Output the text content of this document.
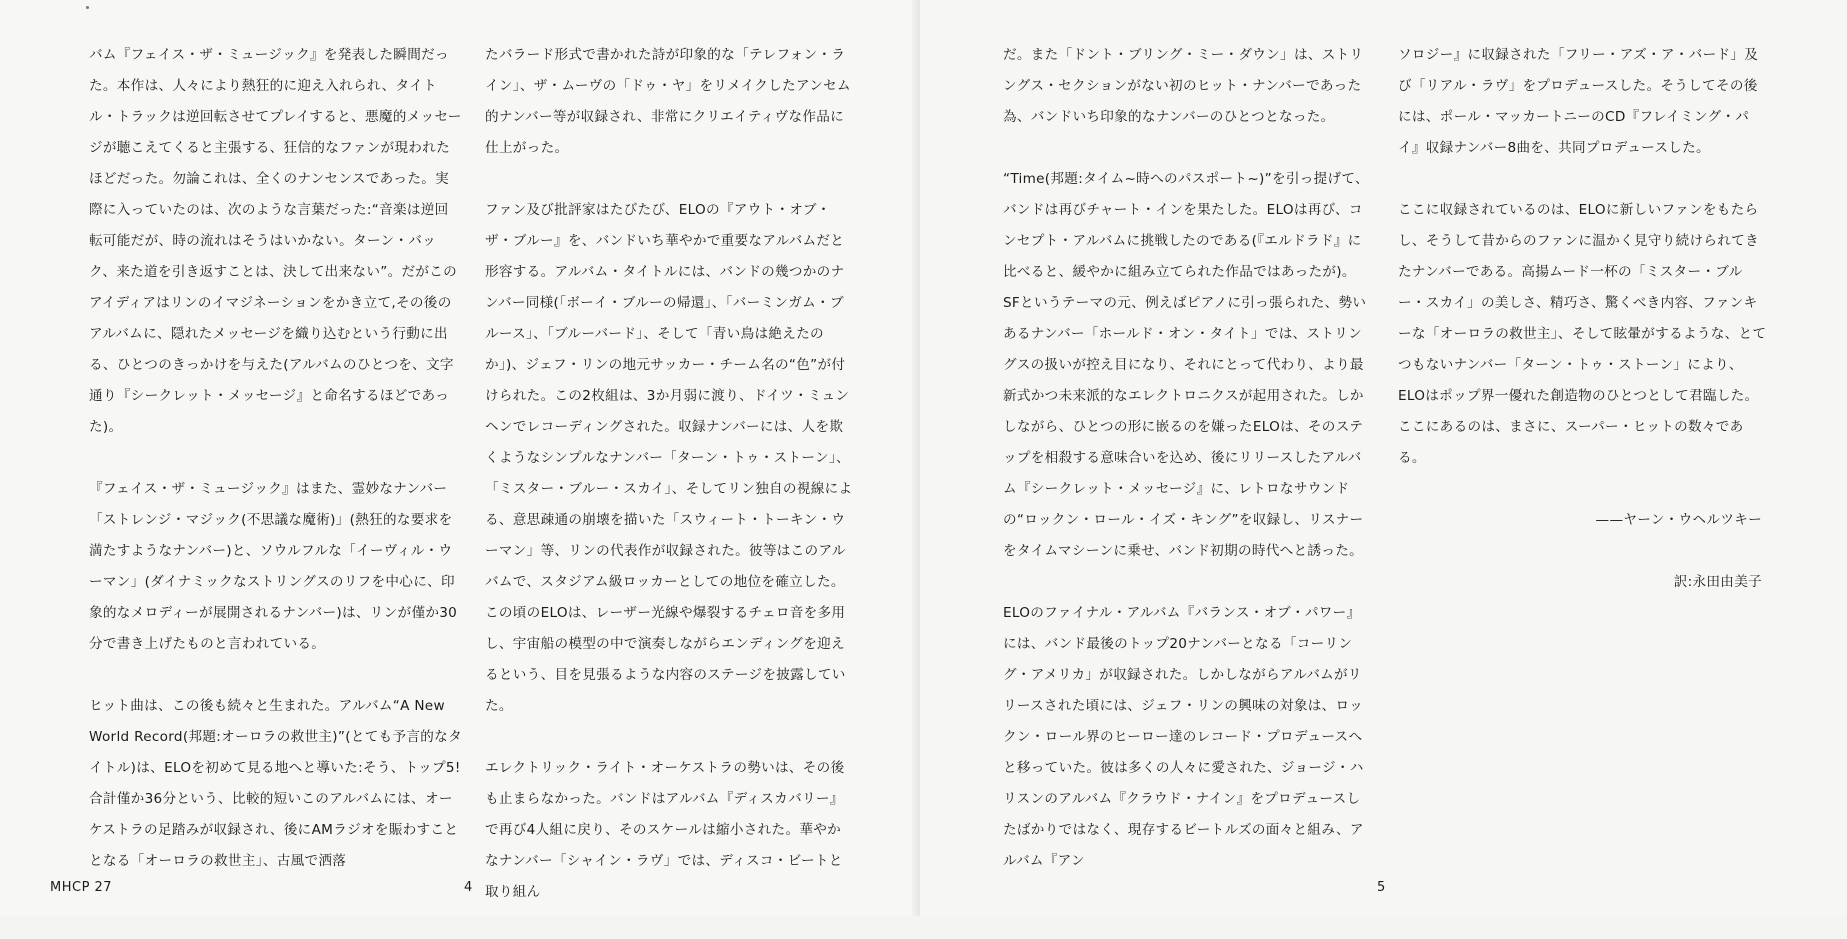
バム『フェイス・ザ・ミュージック』を発表した瞬間だった。本作は、人々により熱狂的に迎え入れられ、タイトル・トラックは逆回転させてプレイすると、悪魔的メッセージが聴こえてくると主張する、狂信的なファンが現われたほどだった。勿論これは、全くのナンセンスであった。実際に入っていたのは、次のような言葉だった:“音楽は逆回転可能だが、時の流れはそうはいかない。ターン・バック、来た道を引き返すことは、決して出来ない”。だがこのアイディアはリンのイマジネーションをかき立て,その後のアルバムに、隠れたメッセージを織り込むという行動に出る、ひとつのきっかけを与えた(アルバムのひとつを、文字通り『シークレット・メッセージ』と命名するほどであった)。

『フェイス・ザ・ミュージック』はまた、霊妙なナンバー「ストレンジ・マジック(不思議な魔術)」(熱狂的な要求を満たすようなナンバー)と、ソウルフルな「イーヴィル・ウーマン」(ダイナミックなストリングスのリフを中心に、印象的なメロディーが展開されるナンバー)は、リンが僅か30分で書き上げたものと言われている。

ヒット曲は、この後も続々と生まれた。アルバム“A New World Record(邦題:オーロラの救世主)”(とても予言的なタイトル)は、ELOを初めて見る地へと導いた:そう、トップ5! 合計僅か36分という、比較的短いこのアルバムには、オーケストラの足踏みが収録され、後にAMラジオを賑わすこととなる「オーロラの救世主」、古風で洒落

たバラード形式で書かれた詩が印象的な「テレフォン・ライン」、ザ・ムーヴの「ドゥ・ヤ」をリメイクしたアンセム的ナンバー等が収録され、非常にクリエイティヴな作品に仕上がった。

ファン及び批評家はたびたび、ELOの『アウト・オブ・ザ・ブルー』を、バンドいち華やかで重要なアルバムだと形容する。アルバム・タイトルには、バンドの幾つかのナンバー同様(「ボーイ・ブルーの帰還」、「バーミンガム・ブルース」、「ブルーバード」、そして「青い鳥は絶えたのか」)、ジェフ・リンの地元サッカー・チーム名の“色”が付けられた。この2枚組は、3か月弱に渡り、ドイツ・ミュンヘンでレコーディングされた。収録ナンバーには、人を欺くようなシンプルなナンバー「ターン・トゥ・ストーン」、「ミスター・ブルー・スカイ」、そしてリン独自の視線による、意思疎通の崩壊を描いた「スウィート・トーキン・ウーマン」等、リンの代表作が収録された。彼等はこのアルバムで、スタジアム級ロッカーとしての地位を確立した。この頃のELOは、レーザー光線や爆裂するチェロ音を多用し、宇宙船の模型の中で演奏しながらエンディングを迎えるという、目を見張るような内容のステージを披露していた。

エレクトリック・ライト・オーケストラの勢いは、その後も止まらなかった。バンドはアルバム『ディスカバリー』で再び4人組に戻り、そのスケールは縮小された。華やかなナンバー「シャイン・ラヴ」では、ディスコ・ビートと取り組ん

MHCP 27	4

だ。また「ドント・ブリング・ミー・ダウン」は、ストリングス・セクションがない初のヒット・ナンバーであった為、バンドいち印象的なナンバーのひとつとなった。

“Time(邦題:タイム~時へのパスポート~)”を引っ提げて、バンドは再びチャート・インを果たした。ELOは再び、コンセプト・アルバムに挑戦したのである(『エルドラド』に比べると、緩やかに組み立てられた作品ではあったが)。SFというテーマの元、例えばピアノに引っ張られた、勢いあるナンバー「ホールド・オン・タイト」では、ストリングスの扱いが控え目になり、それにとって代わり、より最新式かつ未来派的なエレクトロニクスが起用された。しかしながら、ひとつの形に嵌るのを嫌ったELOは、そのステップを相殺する意味合いを込め、後にリリースしたアルバム『シークレット・メッセージ』に、レトロなサウンドの“ロックン・ロール・イズ・キング”を収録し、リスナーをタイムマシーンに乗せ、バンド初期の時代へと誘った。

ELOのファイナル・アルバム『バランス・オブ・パワー』には、バンド最後のトップ20ナンバーとなる「コーリング・アメリカ」が収録された。しかしながらアルバムがリリースされた頃には、ジェフ・リンの興味の対象は、ロックン・ロール界のヒーロー達のレコード・プロデュースへと移っていた。彼は多くの人々に愛された、ジョージ・ハリスンのアルバム『クラウド・ナイン』をプロデュースしたばかりではなく、現存するビートルズの面々と組み、アルバム『アン

ソロジー』に収録された「フリー・アズ・ア・バード」及び「リアル・ラヴ」をプロデュースした。そうしてその後には、ポール・マッカートニーのCD『フレイミング・パイ』収録ナンバー8曲を、共同プロデュースした。

ここに収録されているのは、ELOに新しいファンをもたらし、そうして昔からのファンに温かく見守り続けられてきたナンバーである。高揚ムード一杯の「ミスター・ブルー・スカイ」の美しさ、精巧さ、驚くべき内容、ファンキーな「オーロラの救世主」、そして眩暈がするような、とてつもないナンバー「ターン・トゥ・ストーン」により、ELOはポップ界一優れた創造物のひとつとして君臨した。ここにあるのは、まさに、スーパー・ヒットの数々である。

——ヤーン・ウヘルツキー

訳:永田由美子

5
